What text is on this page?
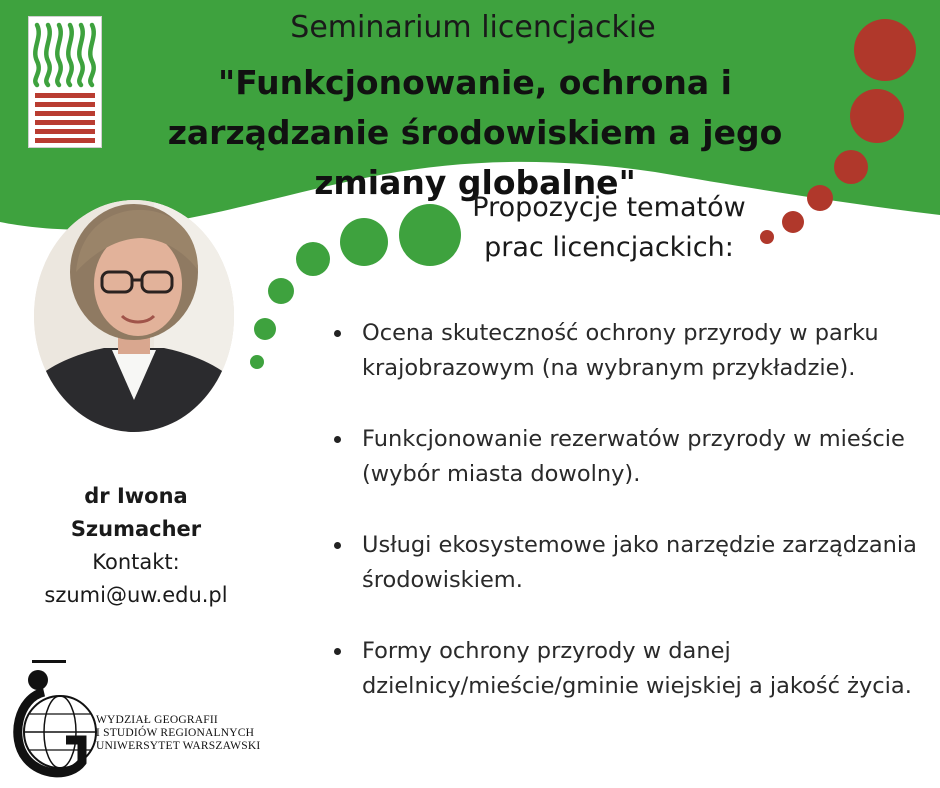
Seminarium licencjackie
"Funkcjonowanie, ochrona i zarządzanie środowiskiem a jego zmiany globalne"
Propozycje tematów prac licencjackich:
dr Iwona Szumacher
Kontakt:
szumi@uw.edu.pl
Ocena skuteczność ochrony przyrody w parku krajobrazowym (na wybranym przykładzie).
Funkcjonowanie rezerwatów przyrody w mieście (wybór miasta dowolny).
Usługi ekosystemowe jako narzędzie zarządzania środowiskiem.
Formy ochrony przyrody w danej dzielnicy/mieście/gminie wiejskiej a jakość życia.
WYDZIAŁ GEOGRAFII
I STUDIÓW REGIONALNYCH
UNIWERSYTET WARSZAWSKI
